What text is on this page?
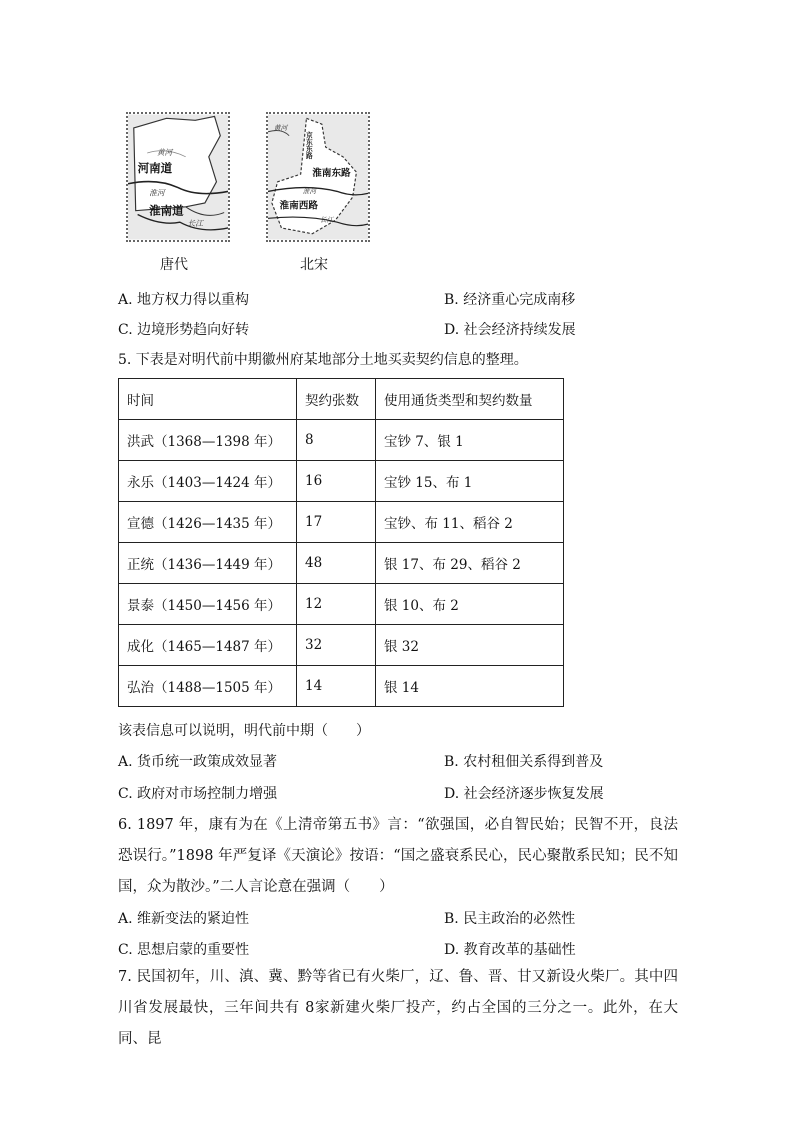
黄河
河南道
淮河
淮南道
长江
唐代
黄河
京东东路
淮南东路
淮河
淮南西路
长江
北宋
A. 地方权力得以重构	B. 经济重心完成南移
C. 边境形势趋向好转	D. 社会经济持续发展
5. 下表是对明代前中期徽州府某地部分土地买卖契约信息的整理。
时间	契约张数	使用通货类型和契约数量
洪武（1368—1398 年）	8	宝钞 7、银 1
永乐（1403—1424 年）	16	宝钞 15、布 1
宣德（1426—1435 年）	17	宝钞、布 11、稻谷 2
正统（1436—1449 年）	48	银 17、布 29、稻谷 2
景泰（1450—1456 年）	12	银 10、布 2
成化（1465—1487 年）	32	银 32
弘治（1488—1505 年）	14	银 14
该表信息可以说明，明代前中期（　　）
A. 货币统一政策成效显著	B. 农村租佃关系得到普及
C. 政府对市场控制力增强	D. 社会经济逐步恢复发展
6. 1897 年，康有为在《上清帝第五书》言：“欲强国，必自智民始；民智不开，良法恐误行。”1898 年严复译《天演论》按语：“国之盛衰系民心，民心聚散系民知；民不知国，众为散沙。”二人言论意在强调（　　）
A. 维新变法的紧迫性	B. 民主政治的必然性
C. 思想启蒙的重要性	D. 教育改革的基础性
7. 民国初年，川、滇、冀、黔等省已有火柴厂，辽、鲁、晋、甘又新设火柴厂。其中四川省发展最快，三年间共有 8家新建火柴厂投产，约占全国的三分之一。此外，在大同、昆
